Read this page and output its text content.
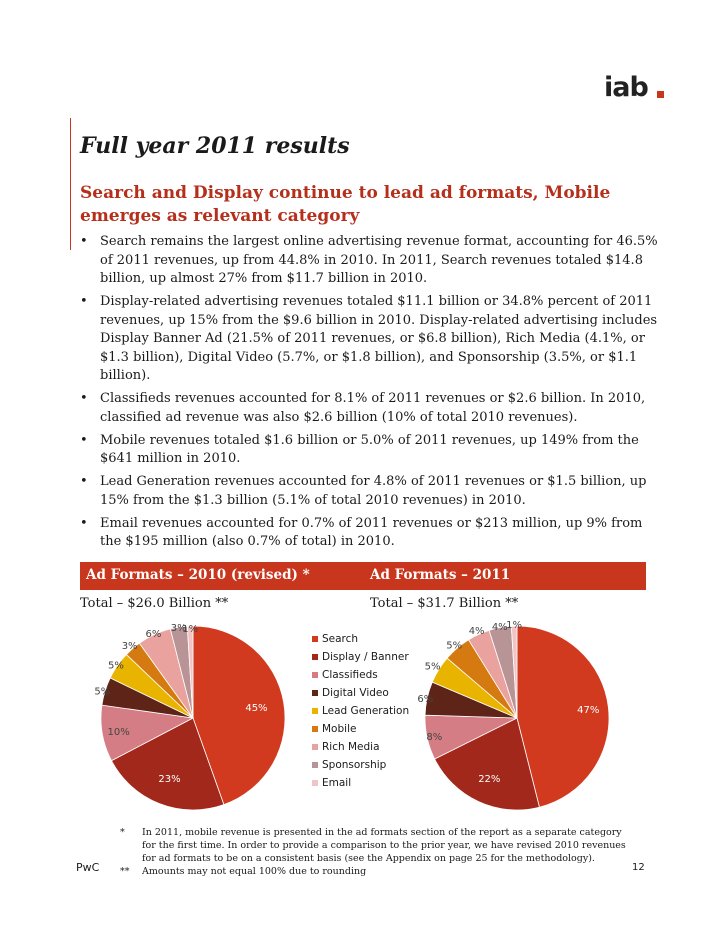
iab
Full year 2011 results
Search and Display continue to lead ad formats, Mobile emerges as relevant category
• Search remains the largest online advertising revenue format, accounting for 46.5% of 2011 revenues, up from 44.8% in 2010. In 2011, Search revenues totaled $14.8 billion, up almost 27% from $11.7 billion in 2010.
• Display-related advertising revenues totaled $11.1 billion or 34.8% percent of 2011 revenues, up 15% from the $9.6 billion in 2010. Display-related advertising includes Display Banner Ad (21.5% of 2011 revenues, or $6.8 billion), Rich Media (4.1%, or $1.3 billion), Digital Video (5.7%, or $1.8 billion), and Sponsorship (3.5%, or $1.1 billion).
• Classifieds revenues accounted for 8.1% of 2011 revenues or $2.6 billion. In 2010, classified ad revenue was also $2.6 billion (10% of total 2010 revenues).
• Mobile revenues totaled $1.6 billion or 5.0% of 2011 revenues, up 149% from the $641 million in 2010.
• Lead Generation revenues accounted for 4.8% of 2011 revenues or $1.5 billion, up 15% from the $1.3 billion (5.1% of total 2010 revenues) in 2010.
• Email revenues accounted for 0.7% of 2011 revenues or $213 million, up 9% from the $195 million (also 0.7% of total) in 2010.
Ad Formats – 2010 (revised) *	Ad Formats – 2011
Total – $26.0 Billion **	Total – $31.7 Billion **
45%
23%
10%
5%
5%
3%
6%
3%
1%
47%
22%
8%
6%
5%
5%
4% 4%
1%
Search
Display / Banner
Classifieds
Digital Video
Lead Generation
Mobile
Rich Media
Sponsorship
Email
* In 2011, mobile revenue is presented in the ad formats section of the report as a separate category for the first time. In order to provide a comparison to the prior year, we have revised 2010 revenues for ad formats to be on a consistent basis (see the Appendix on page 25 for the methodology).
** Amounts may not equal 100% due to rounding
PwC	12
